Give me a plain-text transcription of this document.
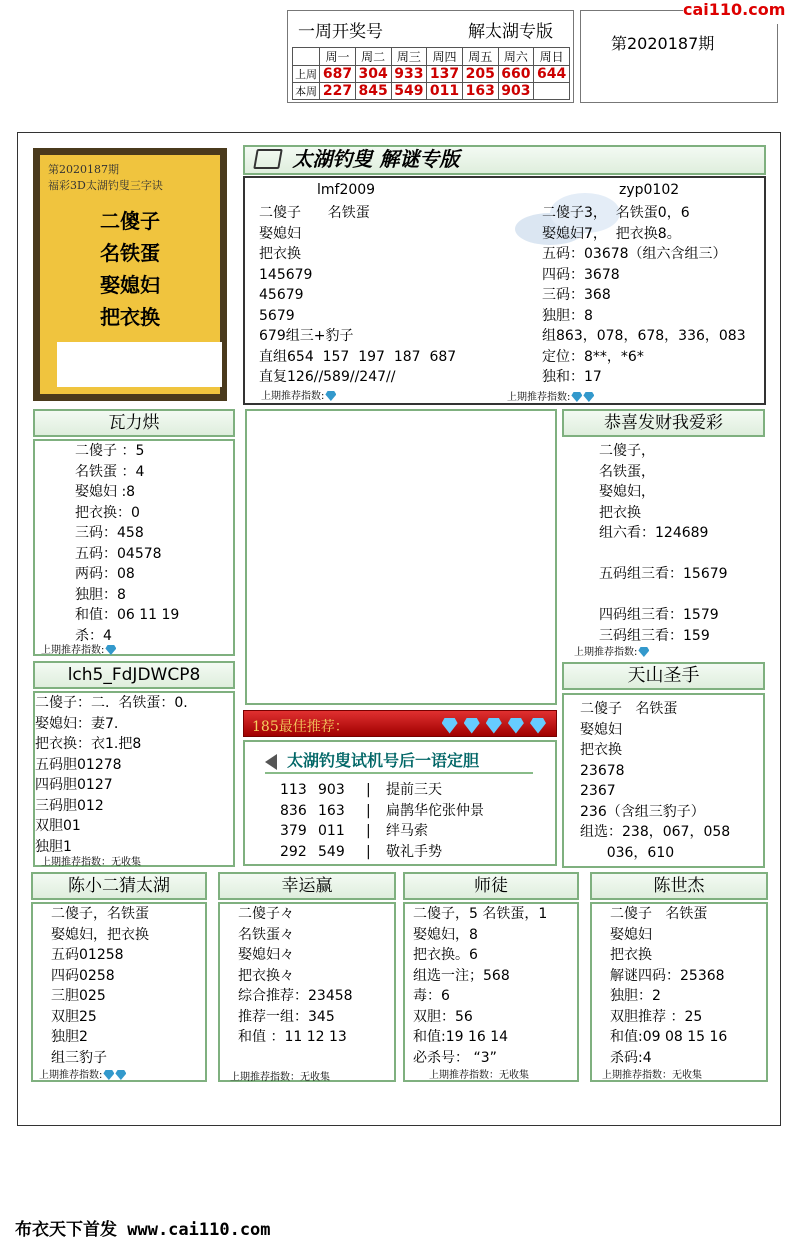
一周开奖号	解太湖专版
	周一	周二	周三	周四	周五	周六	周日
上周	687	304	933	137	205	660	644
本周	227	845	549	011	163	903	
第2020187期
cai110.com
第2020187期
福彩3D太湖钓叟三字诀
二傻子
名铁蛋
娶媳妇
把衣换
太湖钓叟 解谜专版
lmf2009
二傻子      名铁蛋
娶媳妇
把衣换
145679
45679
5679
679组三+豹子
直组654  157  197  187  687
直复126//589//247//
上期推荐指数:
zyp0102
二傻子3，  名铁蛋0，6
娶媳妇7，  把衣换8。
五码：03678（组六含组三）
四码：3678
三码：368
独胆：8
组863，078，678，336，083
定位：8**，*6*
独和：17
上期推荐指数:
瓦力烘
二傻子 ：5
名铁蛋 ：4
娶媳妇 :8
把衣换：0
三码：458
五码：04578
两码：08
独胆：8
和值：06 11 19
杀：4
上期推荐指数:
恭喜发财我爱彩
二傻子，
名铁蛋，
娶媳妇，
把衣换
组六看：124689

五码组三看：15679

四码组三看：1579
三码组三看：159
上期推荐指数:
lch5_FdJDWCP8
二傻子：二.  名铁蛋：0.
娶媳妇：妻7.
把衣换：衣1.把8
五码胆01278
四码胆0127
三码胆012
双胆01
独胆1
上期推荐指数：无收集
185最佳推荐：

太湖钓叟试机号后一语定胆
113 903 | 提前三天
836 163 | 扁鹊华佗张仲景
379 011 | 绊马索
292 549 | 敬礼手势
天山圣手
二傻子   名铁蛋
娶媳妇
把衣换
23678
2367
236（含组三豹子）
组选：238，067，058
036，610
陈小二猜太湖
二傻子，名铁蛋
娶媳妇，把衣换
五码01258
四码0258
三胆025
双胆25
独胆2
组三豹子
上期推荐指数:
幸运赢
二傻子々
名铁蛋々
娶媳妇々
把衣换々
综合推荐：23458
推荐一组：345
和值 ：11 12 13
上期推荐指数：无收集
师徒
二傻子，5 名铁蛋，1
娶媳妇，8
把衣换。6
组选一注；568
毒：6
双胆：56
和值:19 16 14
必杀号： “3”
上期推荐指数：无收集
陈世杰
二傻子   名铁蛋
娶媳妇
把衣换
解谜四码：25368
独胆：2
双胆推荐 ：25
和值:09 08 15 16
杀码:4
上期推荐指数：无收集
布衣天下首发 www.cai110.com
